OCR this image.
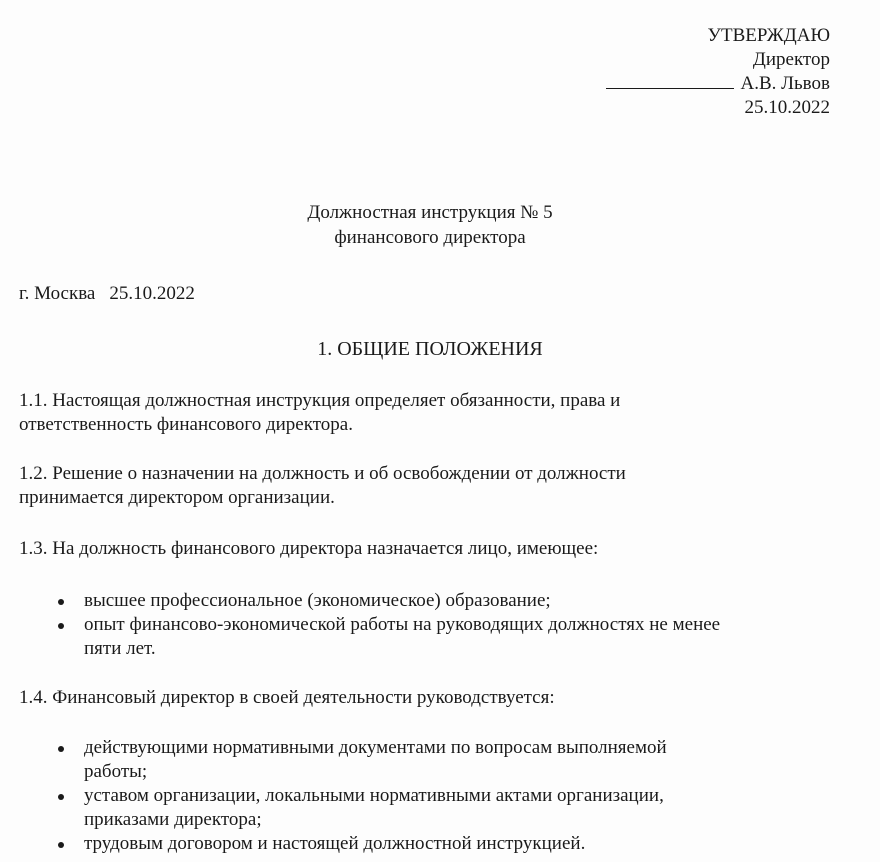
УТВЕРЖДАЮ
Директор
А.В. Львов
25.10.2022
Должностная инструкция № 5
финансового директора
г. Москва 25.10.2022
1. ОБЩИЕ ПОЛОЖЕНИЯ
1.1. Настоящая должностная инструкция определяет обязанности, права и
ответственность финансового директора.
1.2. Решение о назначении на должность и об освобождении от должности
принимается директором организации.
1.3. На должность финансового директора назначается лицо, имеющее:
высшее профессиональное (экономическое) образование;
опыт финансово-экономической работы на руководящих должностях не менее
пяти лет.
1.4. Финансовый директор в своей деятельности руководствуется:
действующими нормативными документами по вопросам выполняемой
работы;
уставом организации, локальными нормативными актами организации,
приказами директора;
трудовым договором и настоящей должностной инструкцией.
